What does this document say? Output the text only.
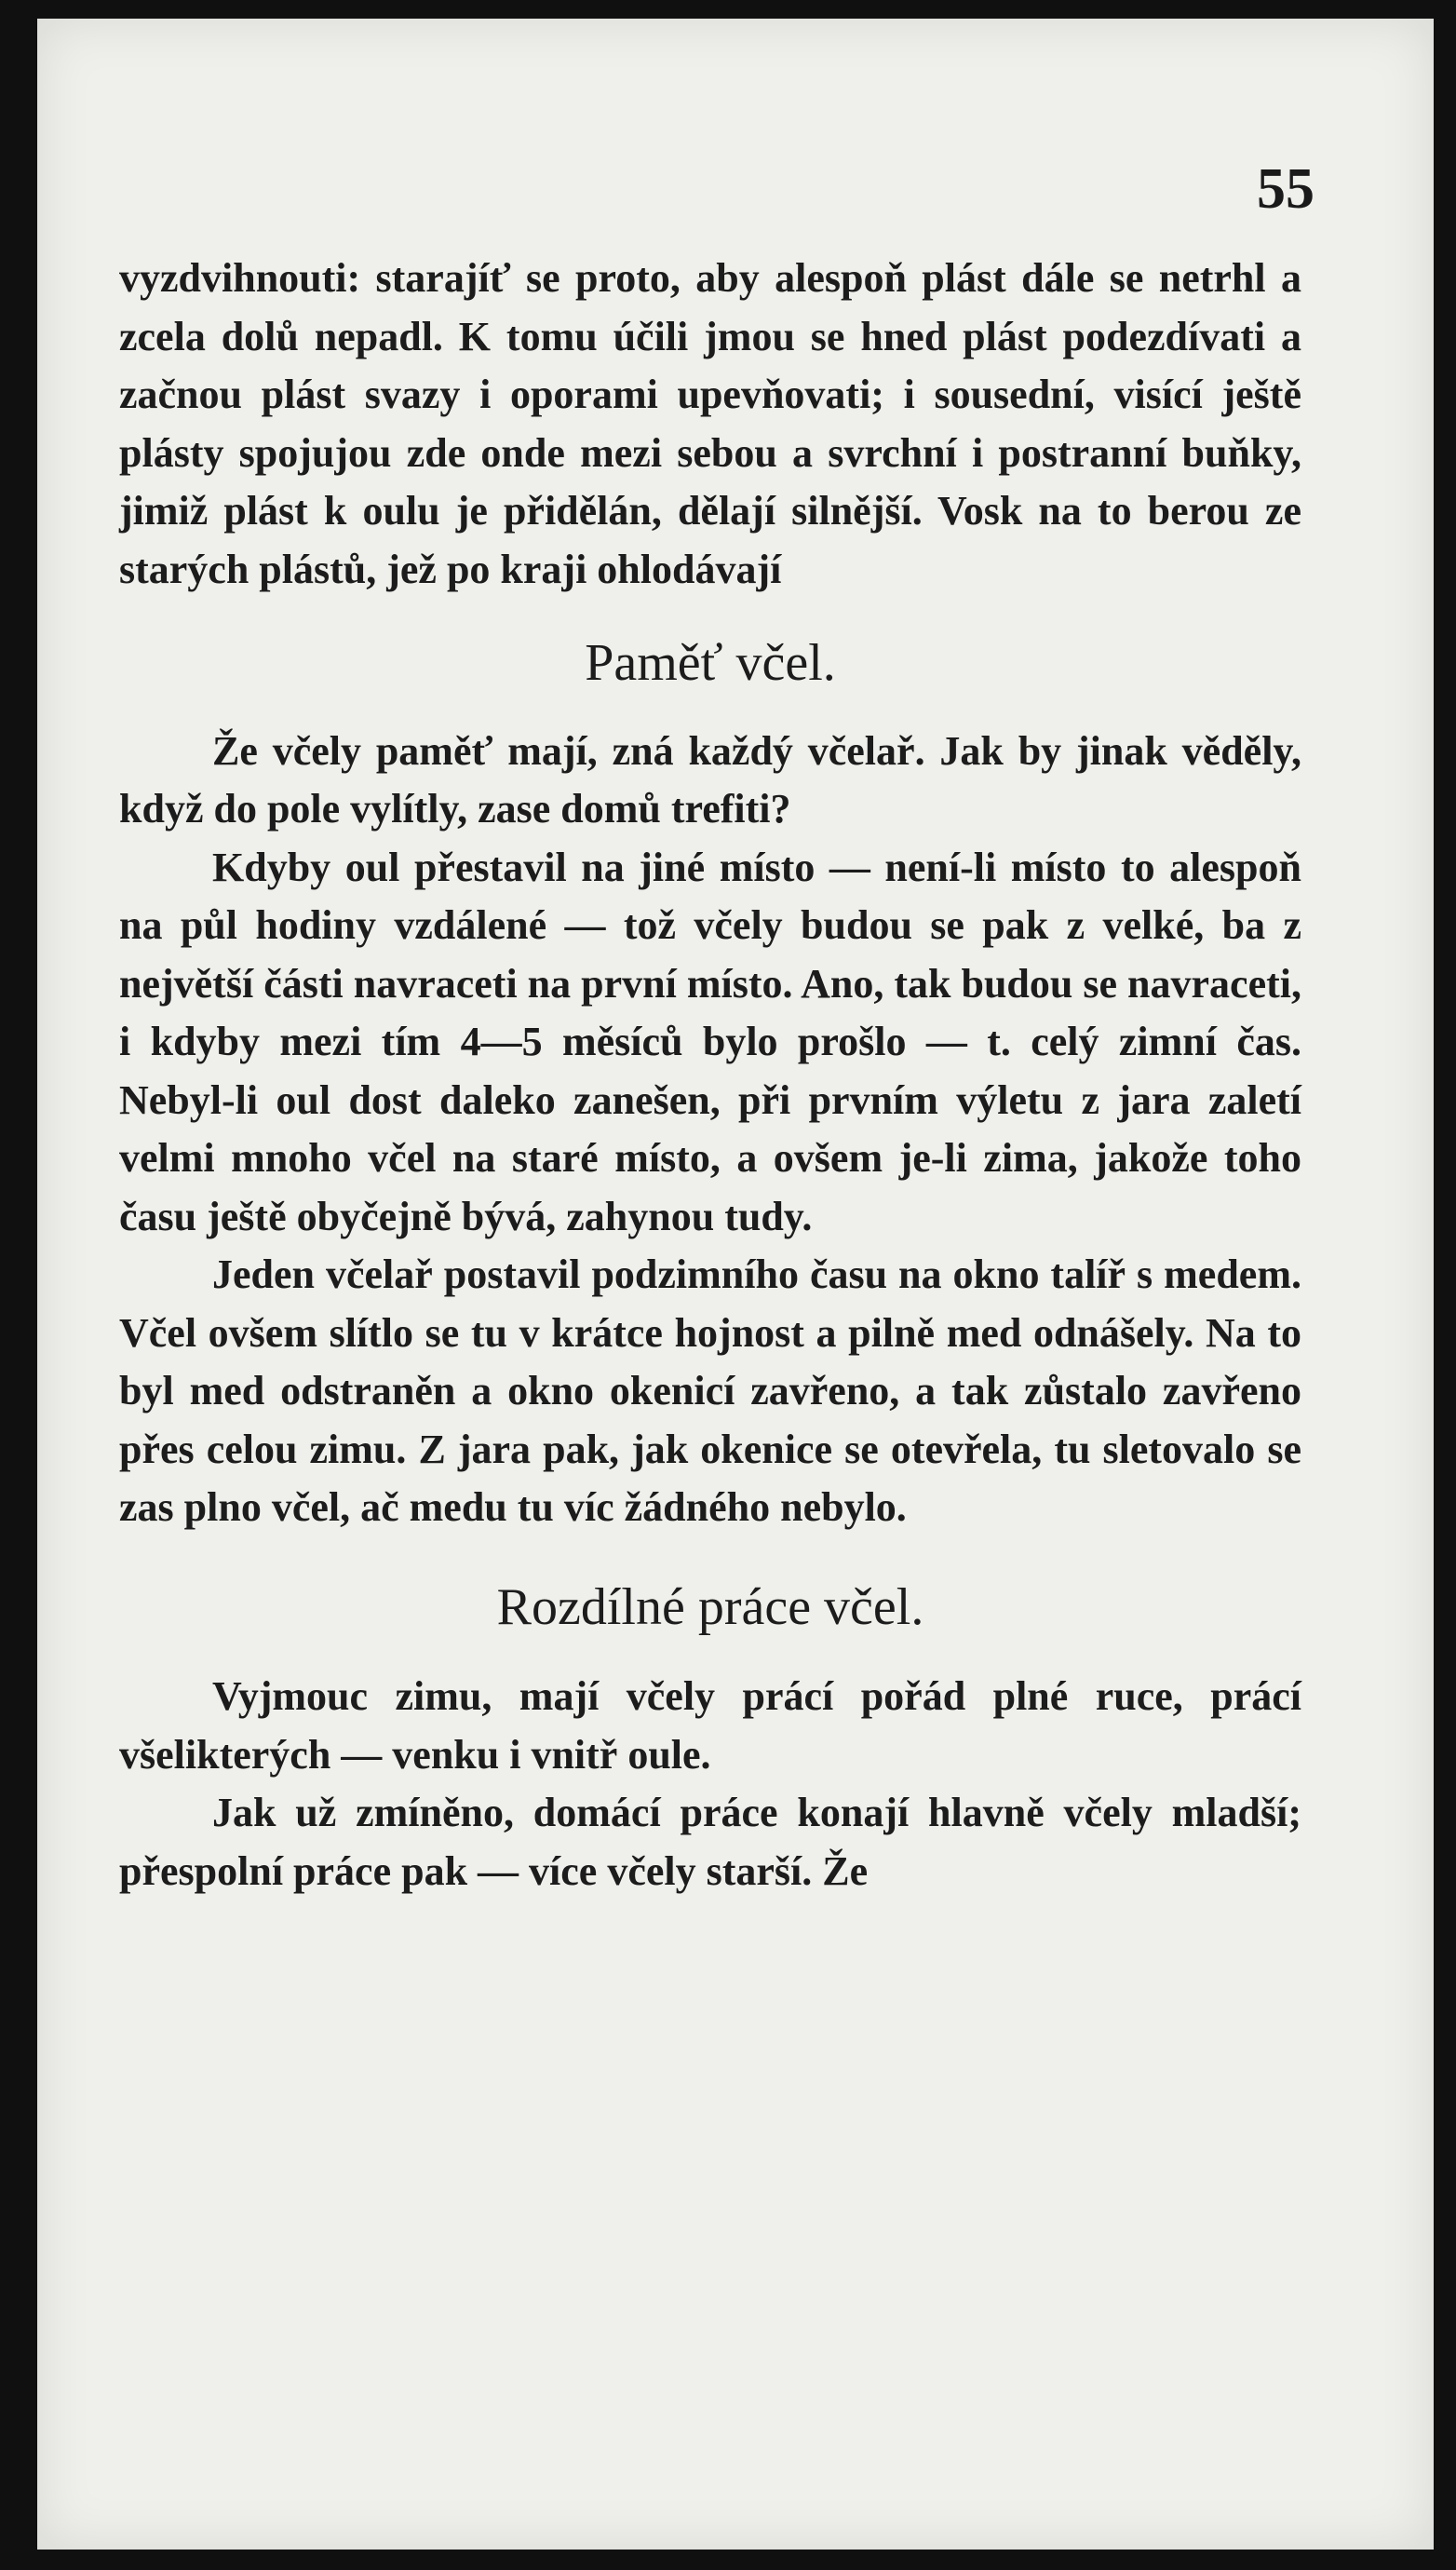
55

vyzdvihnouti: starajíť se proto, aby alespoň plást dále se netrhl a zcela dolů nepadl. K tomu účili jmou se hned plást podezdívati a začnou plást svazy i oporami upevňovati; i sousední, visící ještě plásty spojujou zde onde mezi sebou a svrchní i postranní buňky, jimiž plást k oulu je přidělán, dělají silnější. Vosk na to berou ze starých plástů, jež po kraji ohlodávají

Paměť včel.

Že včely paměť mají, zná každý včelař. Jak by jinak věděly, když do pole vylítly, zase domů trefiti?

Kdyby oul přestavil na jiné místo — není-li místo to alespoň na půl hodiny vzdálené — tož včely budou se pak z velké, ba z největší části navraceti na první místo. Ano, tak budou se navraceti, i kdyby mezi tím 4—5 měsíců bylo prošlo — t. celý zimní čas. Nebyl-li oul dost daleko zanešen, při prvním výletu z jara zaletí velmi mnoho včel na staré místo, a ovšem je-li zima, jakože toho času ještě obyčejně bývá, zahynou tudy.

Jeden včelař postavil podzimního času na okno talíř s medem. Včel ovšem slítlo se tu v krátce hojnost a pilně med odnášely. Na to byl med odstraněn a okno okenicí zavřeno, a tak zůstalo zavřeno přes celou zimu. Z jara pak, jak okenice se otevřela, tu sletovalo se zas plno včel, ač medu tu víc žádného nebylo.

Rozdílné práce včel.

Vyjmouc zimu, mají včely prácí pořád plné ruce, prácí všelikterých — venku i vnitř oule.

Jak už zmíněno, domácí práce konají hlavně včely mladší; přespolní práce pak — více včely starší. Že
